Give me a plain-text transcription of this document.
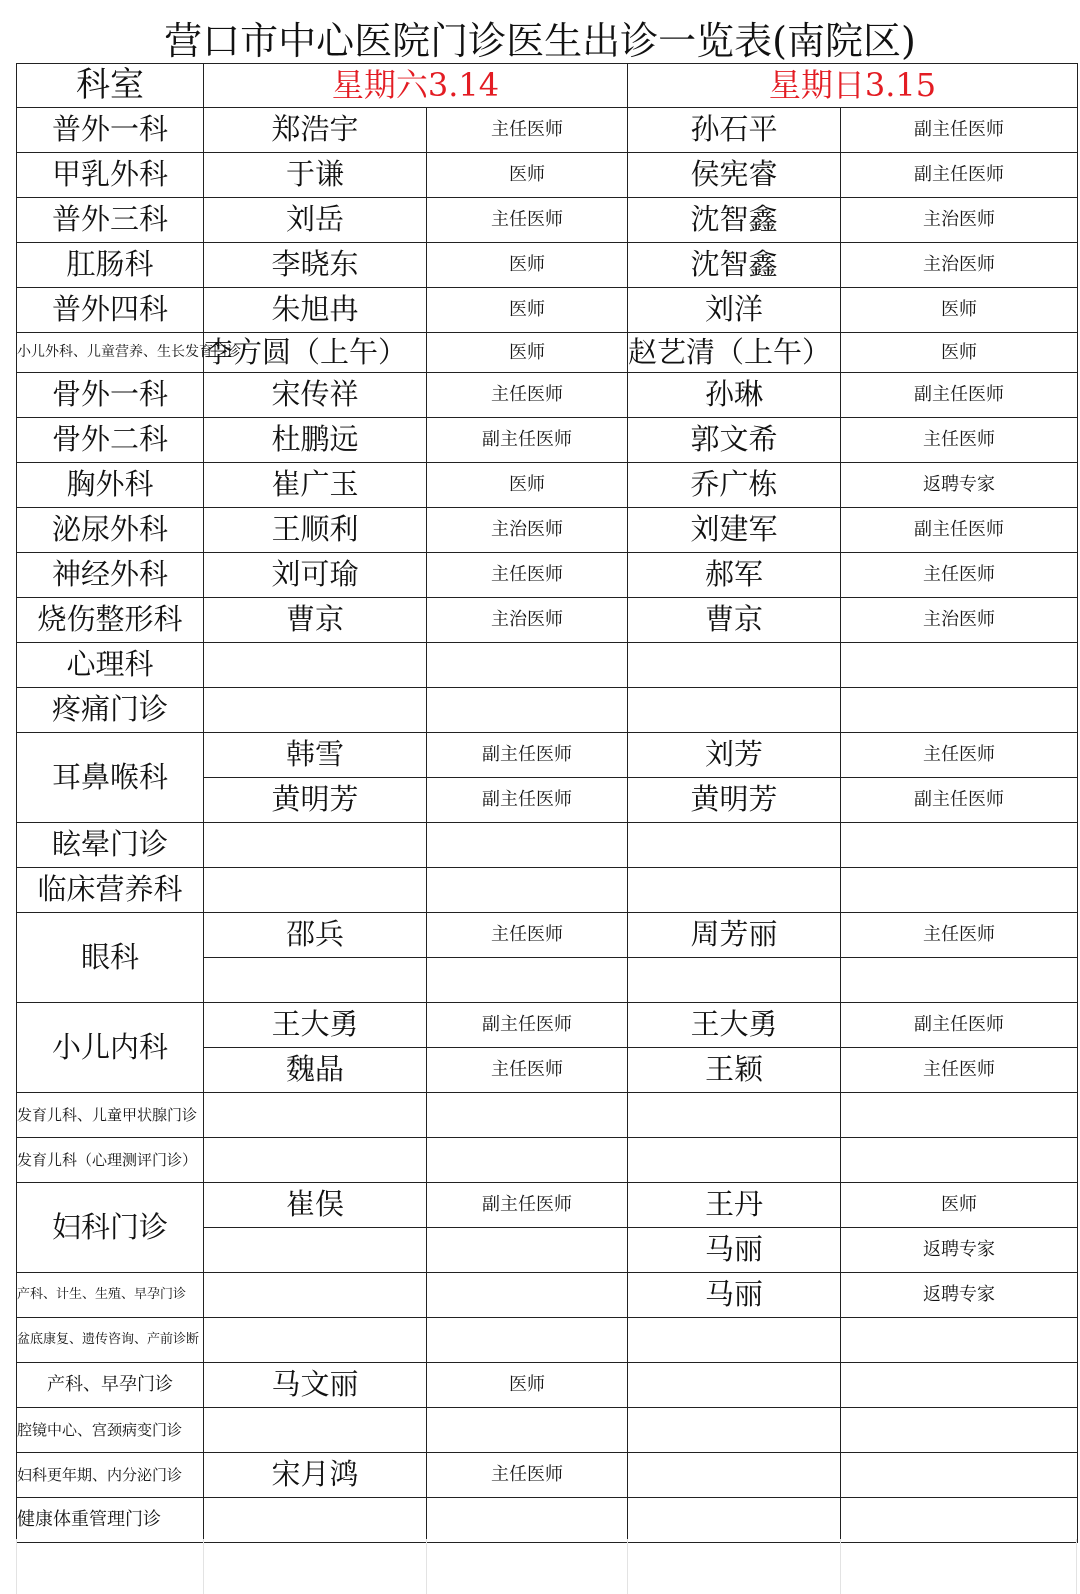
营口市中心医院门诊医生出诊一览表(南院区)
科室	星期六3.14		星期日3.15	
普外一科	郑浩宇	主任医师	孙石平	副主任医师
甲乳外科	于谦	医师	侯宪睿	副主任医师
普外三科	刘岳	主任医师	沈智鑫	主治医师
肛肠科	李晓东	医师	沈智鑫	主治医师
普外四科	朱旭冉	医师	刘洋	医师
小儿外科、儿童营养、生长发育门诊	李方圆（上午）	医师	赵艺清（上午）	医师
骨外一科	宋传祥	主任医师	孙琳	副主任医师
骨外二科	杜鹏远	副主任医师	郭文希	主任医师
胸外科	崔广玉	医师	乔广栋	返聘专家
泌尿外科	王顺利	主治医师	刘建军	副主任医师
神经外科	刘可瑜	主任医师	郝军	主任医师
烧伤整形科	曹京	主治医师	曹京	主治医师
心理科				
疼痛门诊				
耳鼻喉科	韩雪	副主任医师	刘芳	主任医师
	黄明芳	副主任医师	黄明芳	副主任医师
眩晕门诊				
临床营养科				
眼科	邵兵	主任医师	周芳丽	主任医师

小儿内科	王大勇	副主任医师	王大勇	副主任医师
	魏晶	主任医师	王颖	主任医师
发育儿科、儿童甲状腺门诊				
发育儿科（心理测评门诊）				
妇科门诊	崔俣	副主任医师	王丹	医师
			马丽	返聘专家
产科、计生、生殖、早孕门诊			马丽	返聘专家
盆底康复、遗传咨询、产前诊断				
产科、早孕门诊	马文丽	医师		
腔镜中心、宫颈病变门诊				
妇科更年期、内分泌门诊	宋月鸿	主任医师		
健康体重管理门诊				
